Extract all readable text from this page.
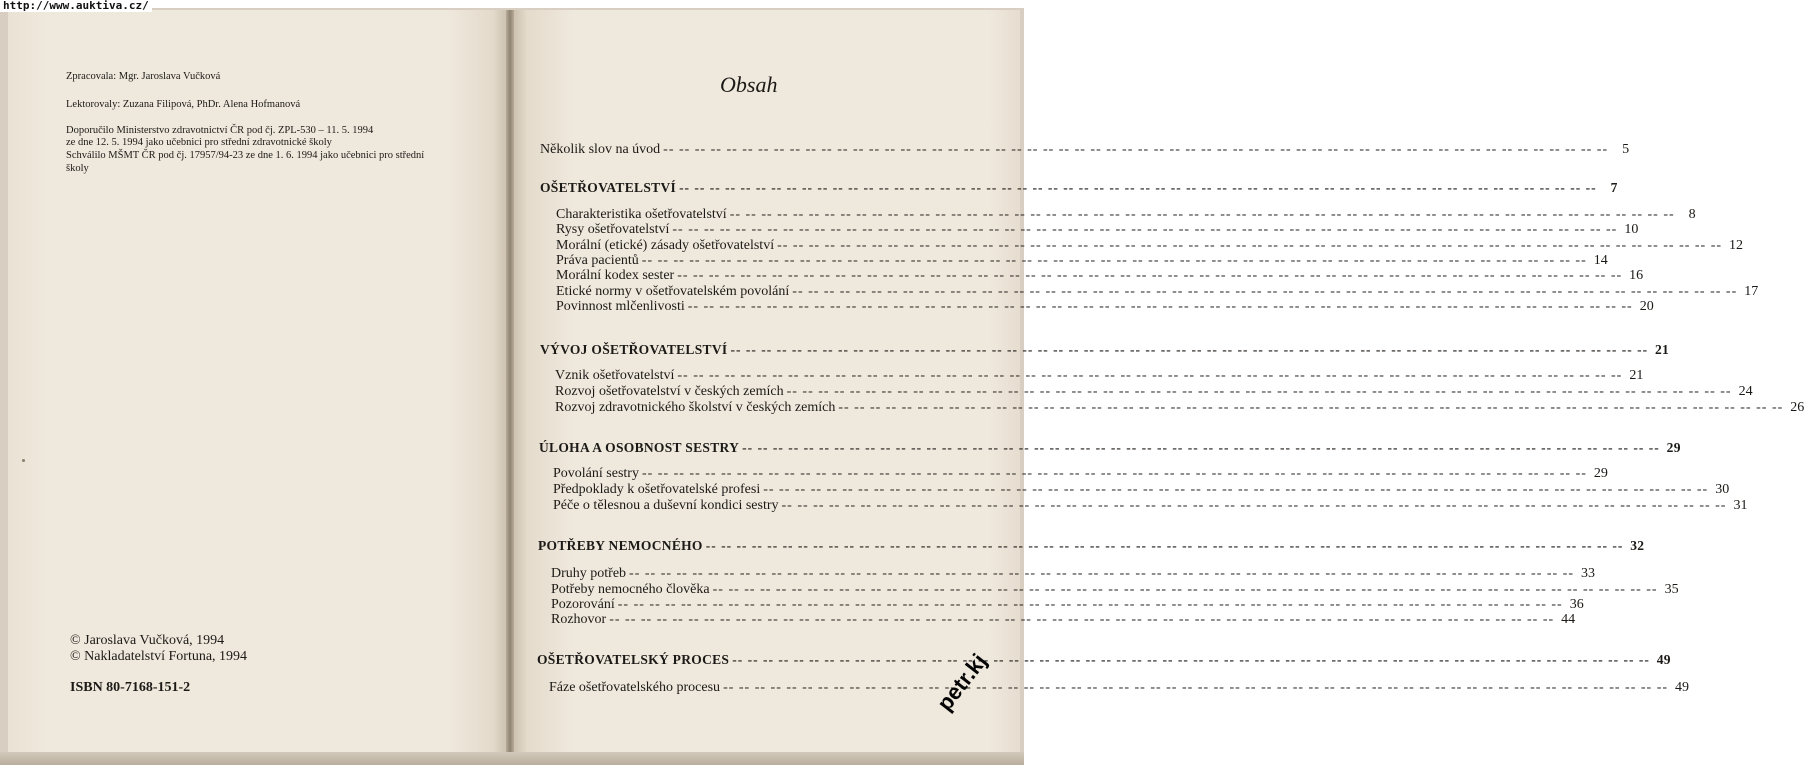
http://www.auktiva.cz/
Zpracovala: Mgr. Jaroslava Vučková
Lektorovaly: Zuzana Filipová, PhDr. Alena Hofmanová
Doporučilo Ministerstvo zdravotnictví ČR pod čj. ZPL-530 – 11. 5. 1994
ze dne 12. 5. 1994 jako učebnici pro střední zdravotnické školy
Schválilo MŠMT ČR pod čj. 17957/94-23 ze dne 1. 6. 1994 jako učebnici pro střední
školy
© Jaroslava Vučková, 1994
© Nakladatelství Fortuna, 1994
ISBN 80-7168-151-2
Obsah
Několik slov na úvod -- -- -- -- -- -- -- -- -- -- -- -- -- -- -- -- -- -- -- -- -- -- -- -- -- -- -- -- -- -- -- -- -- -- -- -- -- -- -- -- -- -- -- -- -- -- -- -- -- -- -- -- -- -- -- -- -- -- -- --	5
OŠETŘOVATELSTVÍ -- -- -- -- -- -- -- -- -- -- -- -- -- -- -- -- -- -- -- -- -- -- -- -- -- -- -- -- -- -- -- -- -- -- -- -- -- -- -- -- -- -- -- -- -- -- -- -- -- -- -- -- -- -- -- -- -- -- -- --	7
Charakteristika ošetřovatelství -- -- -- -- -- -- -- -- -- -- -- -- -- -- -- -- -- -- -- -- -- -- -- -- -- -- -- -- -- -- -- -- -- -- -- -- -- -- -- -- -- -- -- -- -- -- -- -- -- -- -- -- -- -- -- -- -- -- -- --	8
Rysy ošetřovatelství -- -- -- -- -- -- -- -- -- -- -- -- -- -- -- -- -- -- -- -- -- -- -- -- -- -- -- -- -- -- -- -- -- -- -- -- -- -- -- -- -- -- -- -- -- -- -- -- -- -- -- -- -- -- -- -- -- -- -- -- 10
Morální (etické) zásady ošetřovatelství -- -- -- -- -- -- -- -- -- -- -- -- -- -- -- -- -- -- -- -- -- -- -- -- -- -- -- -- -- -- -- -- -- -- -- -- -- -- -- -- -- -- -- -- -- -- -- -- -- -- -- -- -- -- -- -- -- -- -- -- 12
Práva pacientů -- -- -- -- -- -- -- -- -- -- -- -- -- -- -- -- -- -- -- -- -- -- -- -- -- -- -- -- -- -- -- -- -- -- -- -- -- -- -- -- -- -- -- -- -- -- -- -- -- -- -- -- -- -- -- -- -- -- -- -- 14
Morální kodex sester -- -- -- -- -- -- -- -- -- -- -- -- -- -- -- -- -- -- -- -- -- -- -- -- -- -- -- -- -- -- -- -- -- -- -- -- -- -- -- -- -- -- -- -- -- -- -- -- -- -- -- -- -- -- -- -- -- -- -- -- 16
Etické normy v ošetřovatelském povolání -- -- -- -- -- -- -- -- -- -- -- -- -- -- -- -- -- -- -- -- -- -- -- -- -- -- -- -- -- -- -- -- -- -- -- -- -- -- -- -- -- -- -- -- -- -- -- -- -- -- -- -- -- -- -- -- -- -- -- -- 17
Povinnost mlčenlivosti -- -- -- -- -- -- -- -- -- -- -- -- -- -- -- -- -- -- -- -- -- -- -- -- -- -- -- -- -- -- -- -- -- -- -- -- -- -- -- -- -- -- -- -- -- -- -- -- -- -- -- -- -- -- -- -- -- -- -- -- 20
VÝVOJ OŠETŘOVATELSTVÍ -- -- -- -- -- -- -- -- -- -- -- -- -- -- -- -- -- -- -- -- -- -- -- -- -- -- -- -- -- -- -- -- -- -- -- -- -- -- -- -- -- -- -- -- -- -- -- -- -- -- -- -- -- -- -- -- -- -- -- -- 21
Vznik ošetřovatelství -- -- -- -- -- -- -- -- -- -- -- -- -- -- -- -- -- -- -- -- -- -- -- -- -- -- -- -- -- -- -- -- -- -- -- -- -- -- -- -- -- -- -- -- -- -- -- -- -- -- -- -- -- -- -- -- -- -- -- -- 21
Rozvoj ošetřovatelství v českých zemích -- -- -- -- -- -- -- -- -- -- -- -- -- -- -- -- -- -- -- -- -- -- -- -- -- -- -- -- -- -- -- -- -- -- -- -- -- -- -- -- -- -- -- -- -- -- -- -- -- -- -- -- -- -- -- -- -- -- -- -- 24
Rozvoj zdravotnického školství v českých zemích -- -- -- -- -- -- -- -- -- -- -- -- -- -- -- -- -- -- -- -- -- -- -- -- -- -- -- -- -- -- -- -- -- -- -- -- -- -- -- -- -- -- -- -- -- -- -- -- -- -- -- -- -- -- -- -- -- -- -- -- 26
ÚLOHA A OSOBNOST SESTRY -- -- -- -- -- -- -- -- -- -- -- -- -- -- -- -- -- -- -- -- -- -- -- -- -- -- -- -- -- -- -- -- -- -- -- -- -- -- -- -- -- -- -- -- -- -- -- -- -- -- -- -- -- -- -- -- -- -- -- -- 29
Povolání sestry -- -- -- -- -- -- -- -- -- -- -- -- -- -- -- -- -- -- -- -- -- -- -- -- -- -- -- -- -- -- -- -- -- -- -- -- -- -- -- -- -- -- -- -- -- -- -- -- -- -- -- -- -- -- -- -- -- -- -- -- 29
Předpoklady k ošetřovatelské profesi -- -- -- -- -- -- -- -- -- -- -- -- -- -- -- -- -- -- -- -- -- -- -- -- -- -- -- -- -- -- -- -- -- -- -- -- -- -- -- -- -- -- -- -- -- -- -- -- -- -- -- -- -- -- -- -- -- -- -- -- 30
Péče o tělesnou a duševní kondici sestry -- -- -- -- -- -- -- -- -- -- -- -- -- -- -- -- -- -- -- -- -- -- -- -- -- -- -- -- -- -- -- -- -- -- -- -- -- -- -- -- -- -- -- -- -- -- -- -- -- -- -- -- -- -- -- -- -- -- -- -- 31
POTŘEBY NEMOCNÉHO -- -- -- -- -- -- -- -- -- -- -- -- -- -- -- -- -- -- -- -- -- -- -- -- -- -- -- -- -- -- -- -- -- -- -- -- -- -- -- -- -- -- -- -- -- -- -- -- -- -- -- -- -- -- -- -- -- -- -- -- 32
Druhy potřeb -- -- -- -- -- -- -- -- -- -- -- -- -- -- -- -- -- -- -- -- -- -- -- -- -- -- -- -- -- -- -- -- -- -- -- -- -- -- -- -- -- -- -- -- -- -- -- -- -- -- -- -- -- -- -- -- -- -- -- -- 33
Potřeby nemocného člověka -- -- -- -- -- -- -- -- -- -- -- -- -- -- -- -- -- -- -- -- -- -- -- -- -- -- -- -- -- -- -- -- -- -- -- -- -- -- -- -- -- -- -- -- -- -- -- -- -- -- -- -- -- -- -- -- -- -- -- -- 35
Pozorování -- -- -- -- -- -- -- -- -- -- -- -- -- -- -- -- -- -- -- -- -- -- -- -- -- -- -- -- -- -- -- -- -- -- -- -- -- -- -- -- -- -- -- -- -- -- -- -- -- -- -- -- -- -- -- -- -- -- -- -- 36
Rozhovor -- -- -- -- -- -- -- -- -- -- -- -- -- -- -- -- -- -- -- -- -- -- -- -- -- -- -- -- -- -- -- -- -- -- -- -- -- -- -- -- -- -- -- -- -- -- -- -- -- -- -- -- -- -- -- -- -- -- -- -- 44
OŠETŘOVATELSKÝ PROCES -- -- -- -- -- -- -- -- -- -- -- -- -- -- -- -- -- -- -- -- -- -- -- -- -- -- -- -- -- -- -- -- -- -- -- -- -- -- -- -- -- -- -- -- -- -- -- -- -- -- -- -- -- -- -- -- -- -- -- -- 49
Fáze ošetřovatelského procesu -- -- -- -- -- -- -- -- -- -- -- -- -- -- -- -- -- -- -- -- -- -- -- -- -- -- -- -- -- -- -- -- -- -- -- -- -- -- -- -- -- -- -- -- -- -- -- -- -- -- -- -- -- -- -- -- -- -- -- -- 49
petr.kj
